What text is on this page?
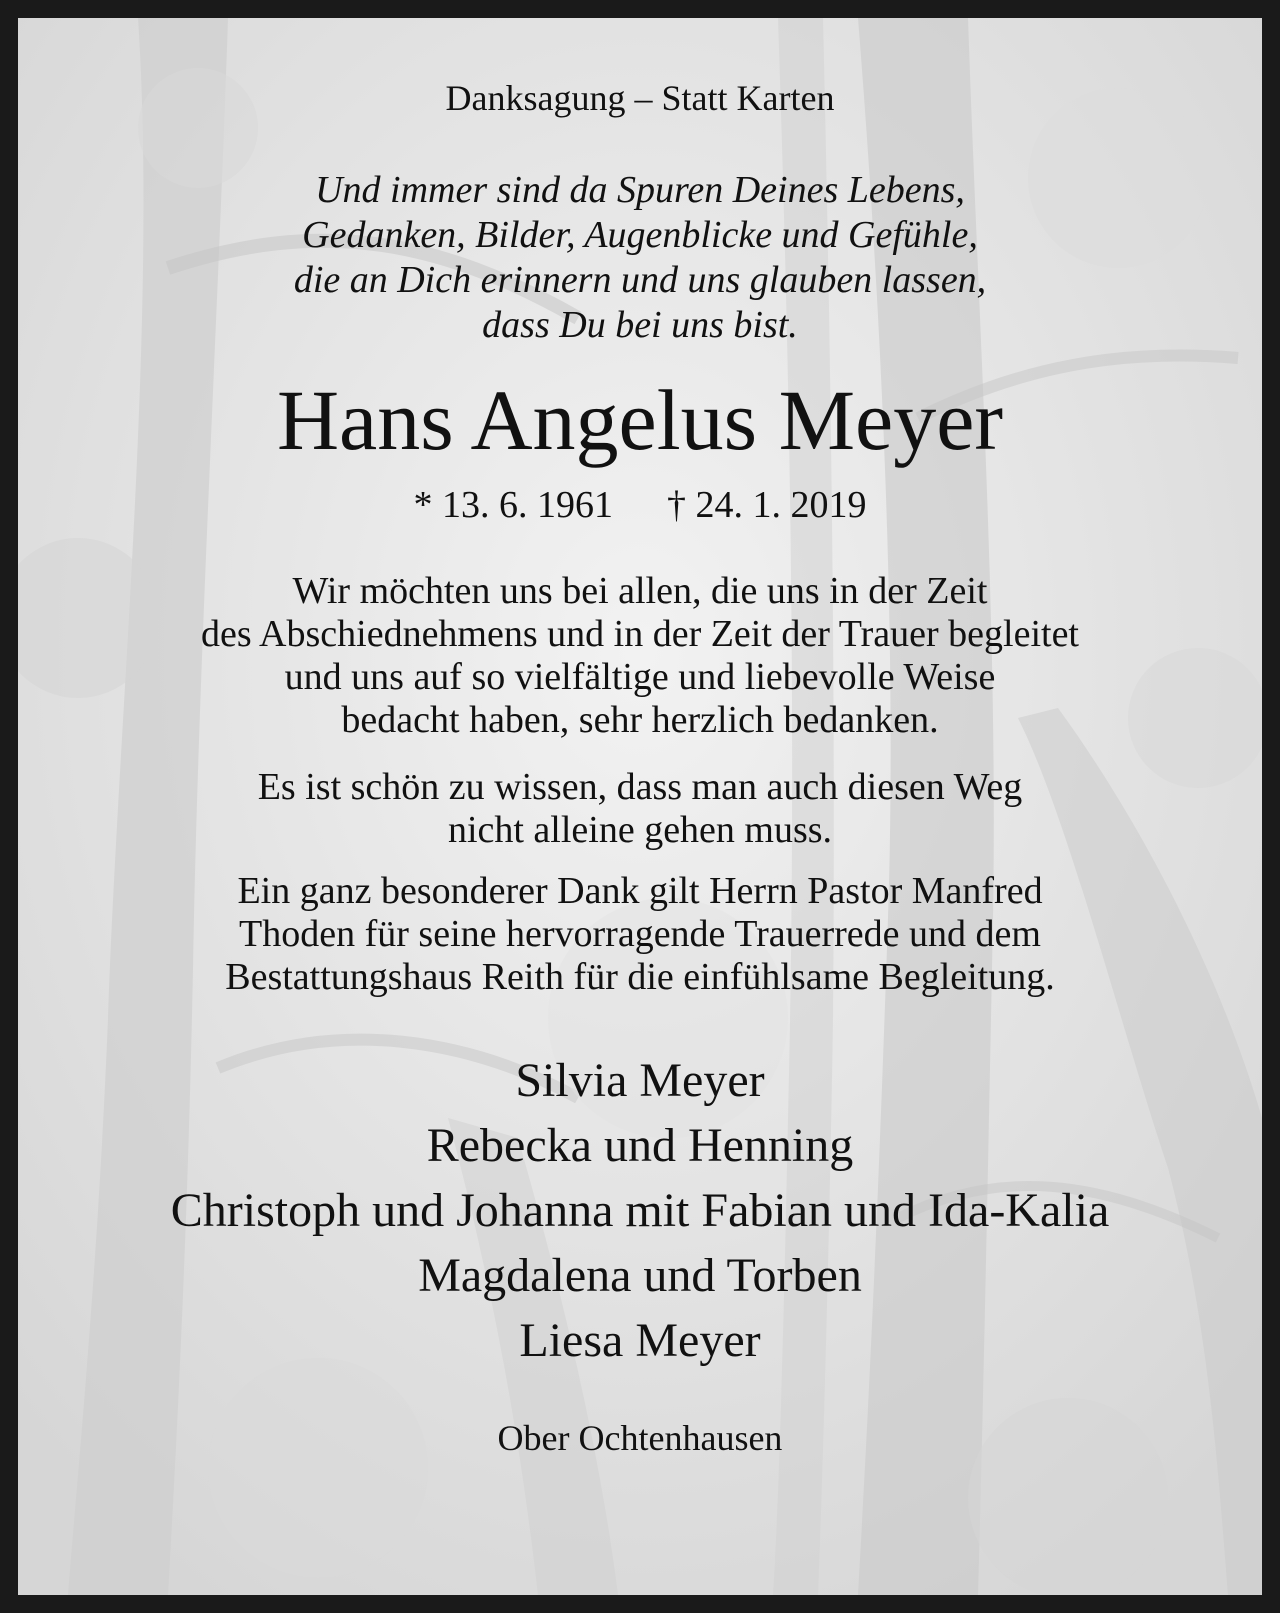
Danksagung – Statt Karten
Und immer sind da Spuren Deines Lebens,
Gedanken, Bilder, Augenblicke und Gefühle,
die an Dich erinnern und uns glauben lassen,
dass Du bei uns bist.
Hans Angelus Meyer
* 13. 6. 1961 † 24. 1. 2019
Wir möchten uns bei allen, die uns in der Zeit
des Abschiednehmens und in der Zeit der Trauer begleitet
und uns auf so vielfältige und liebevolle Weise
bedacht haben, sehr herzlich bedanken.
Es ist schön zu wissen, dass man auch diesen Weg
nicht alleine gehen muss.
Ein ganz besonderer Dank gilt Herrn Pastor Manfred
Thoden für seine hervorragende Trauerrede und dem
Bestattungshaus Reith für die einfühlsame Begleitung.
Silvia Meyer
Rebecka und Henning
Christoph und Johanna mit Fabian und Ida-Kalia
Magdalena und Torben
Liesa Meyer
Ober Ochtenhausen
